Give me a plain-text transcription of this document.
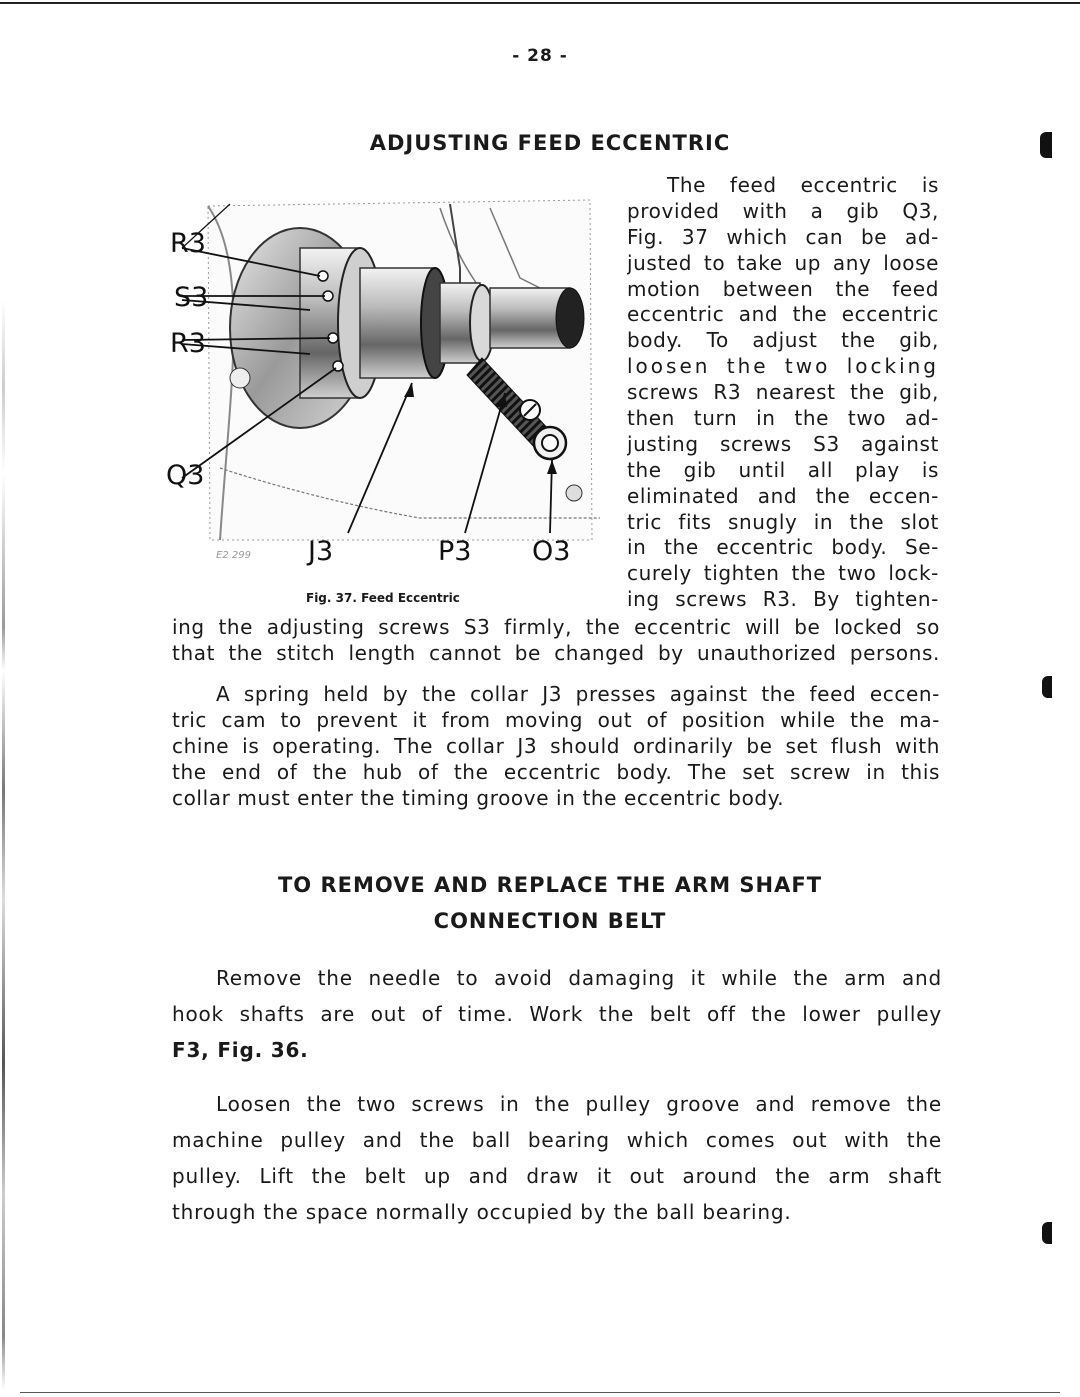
- 28 -
ADJUSTING FEED ECCENTRIC
R3
S3
R3
Q3
J3	P3 O3
E2 299
Fig. 37. Feed Eccentric
The feed eccentric is
provided with a gib Q3,
Fig. 37 which can be ad-
justed to take up any loose
motion between the feed
eccentric and the eccentric
body. To adjust the gib,
loosen the two locking
screws R3 nearest the gib,
then turn in the two ad-
justing screws S3 against
the gib until all play is
eliminated and the eccen-
tric fits snugly in the slot
in the eccentric body. Se-
curely tighten the two lock-
ing screws R3. By tighten-
ing the adjusting screws S3 firmly, the eccentric will be locked so
that the stitch length cannot be changed by unauthorized persons.
A spring held by the collar J3 presses against the feed eccen-
tric cam to prevent it from moving out of position while the ma-
chine is operating. The collar J3 should ordinarily be set flush with
the end of the hub of the eccentric body. The set screw in this
collar must enter the timing groove in the eccentric body.
TO REMOVE AND REPLACE THE ARM SHAFT
CONNECTION BELT
Remove the needle to avoid damaging it while the arm and
hook shafts are out of time. Work the belt off the lower pulley
F3, Fig. 36.
Loosen the two screws in the pulley groove and remove the
machine pulley and the ball bearing which comes out with the
pulley. Lift the belt up and draw it out around the arm shaft
through the space normally occupied by the ball bearing.
